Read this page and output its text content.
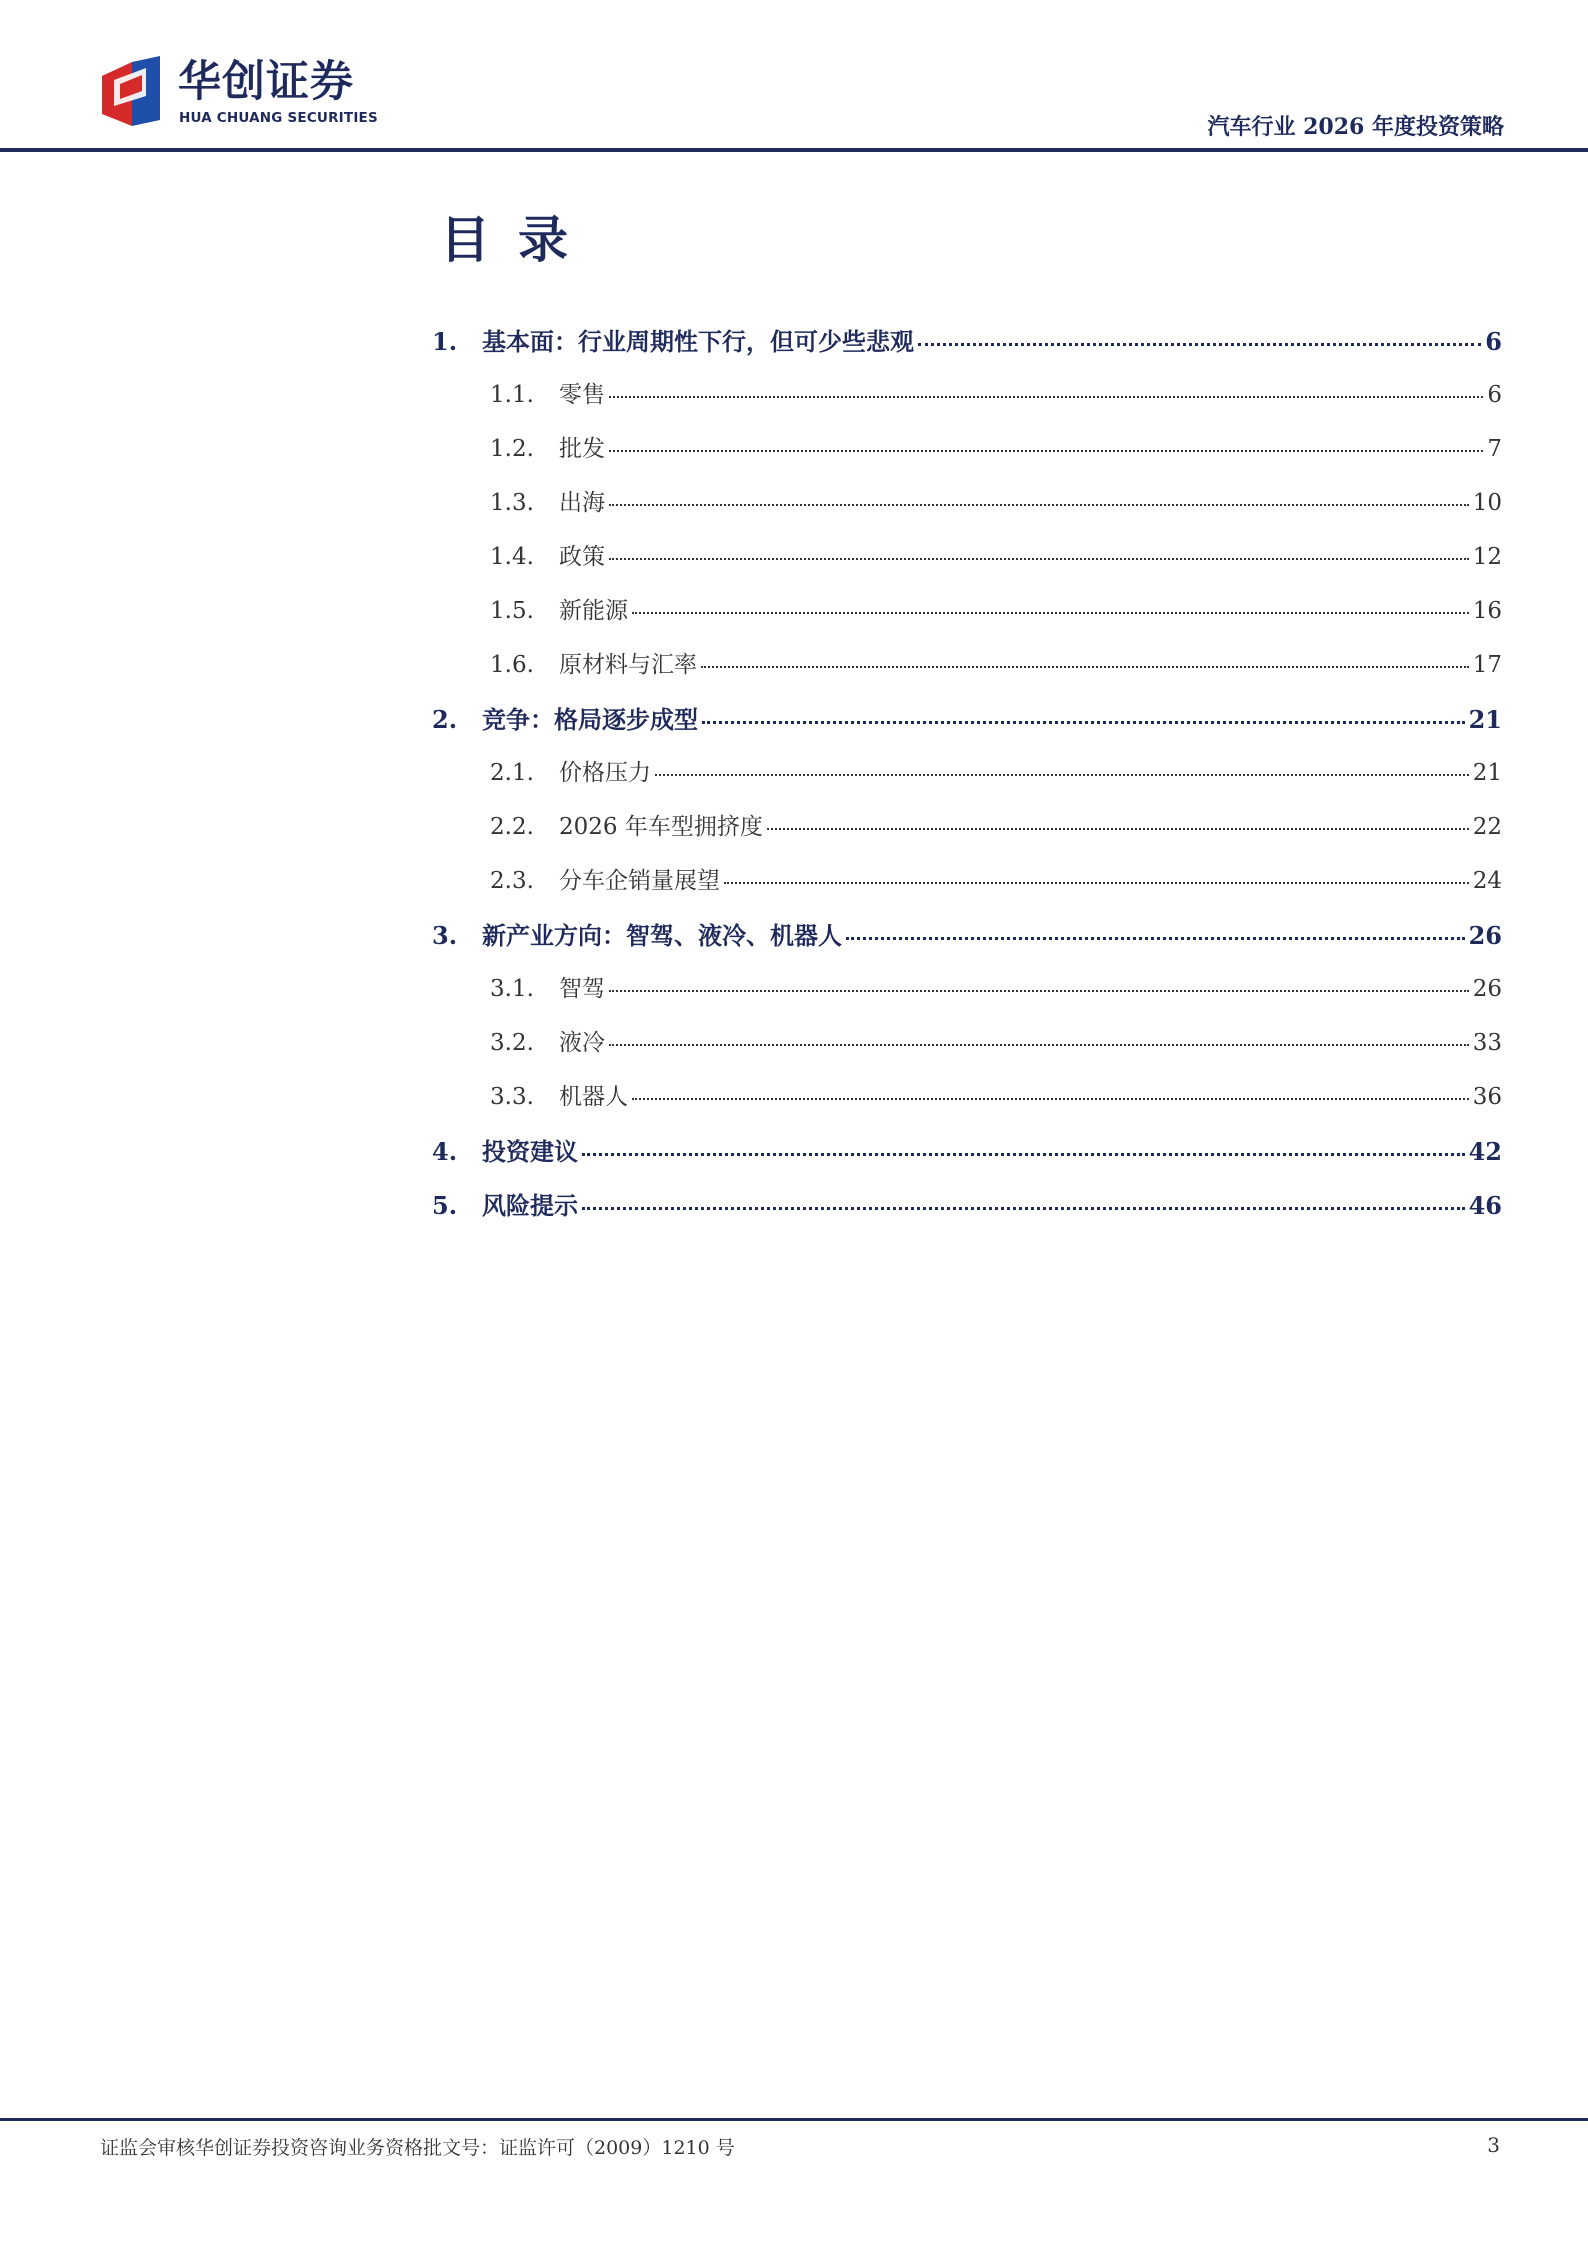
华创证券
HUA CHUANG SECURITIES	汽车行业 2026 年度投资策略
目录
1.	基本面：行业周期性下行，但可少些悲观	6
1.1.	零售	6
1.2.	批发	7
1.3.	出海	10
1.4.	政策	12
1.5.	新能源	16
1.6.	原材料与汇率	17
2.	竞争：格局逐步成型	21
2.1.	价格压力	21
2.2.	2026 年车型拥挤度	22
2.3.	分车企销量展望	24
3.	新产业方向：智驾、液冷、机器人	26
3.1.	智驾	26
3.2.	液冷	33
3.3.	机器人	36
4.	投资建议	42
5.	风险提示	46
证监会审核华创证券投资咨询业务资格批文号：证监许可（2009）1210 号	3
